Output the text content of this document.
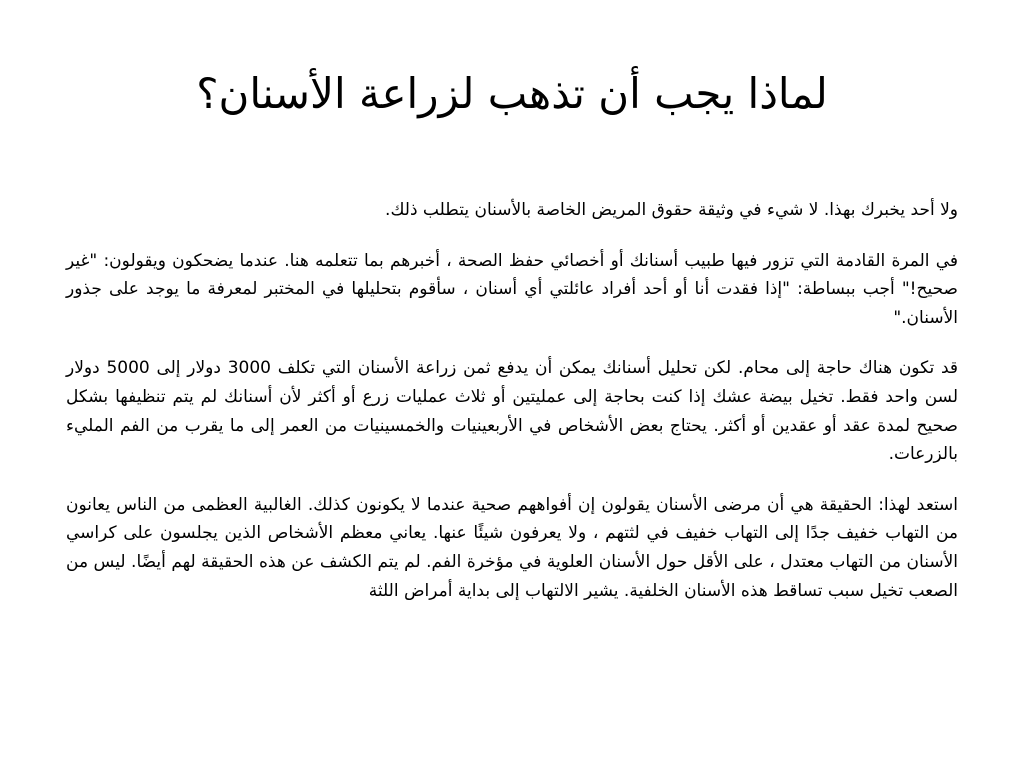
لماذا يجب أن تذهب لزراعة الأسنان؟

ولا أحد يخبرك بهذا. لا شيء في وثيقة حقوق المريض الخاصة بالأسنان يتطلب ذلك.

في المرة القادمة التي تزور فيها طبيب أسنانك أو أخصائي حفظ الصحة ، أخبرهم بما تتعلمه هنا. عندما يضحكون ويقولون: "غير صحيح!" أجب ببساطة: "إذا فقدت أنا أو أحد أفراد عائلتي أي أسنان ، سأقوم بتحليلها في المختبر لمعرفة ما يوجد على جذور الأسنان."

قد تكون هناك حاجة إلى محام. لكن تحليل أسنانك يمكن أن يدفع ثمن زراعة الأسنان التي تكلف 3000 دولار إلى 5000 دولار لسن واحد فقط. تخيل بيضة عشك إذا كنت بحاجة إلى عمليتين أو ثلاث عمليات زرع أو أكثر لأن أسنانك لم يتم تنظيفها بشكل صحيح لمدة عقد أو عقدين أو أكثر. يحتاج بعض الأشخاص في الأربعينيات والخمسينيات من العمر إلى ما يقرب من الفم المليء بالزرعات.

استعد لهذا: الحقيقة هي أن مرضى الأسنان يقولون إن أفواههم صحية عندما لا يكونون كذلك. الغالبية العظمى من الناس يعانون من التهاب خفيف جدًا إلى التهاب خفيف في لثتهم ، ولا يعرفون شيئًا عنها. يعاني معظم الأشخاص الذين يجلسون على كراسي الأسنان من التهاب معتدل ، على الأقل حول الأسنان العلوية في مؤخرة الفم. لم يتم الكشف عن هذه الحقيقة لهم أيضًا. ليس من الصعب تخيل سبب تساقط هذه الأسنان الخلفية. يشير الالتهاب إلى بداية أمراض اللثة
